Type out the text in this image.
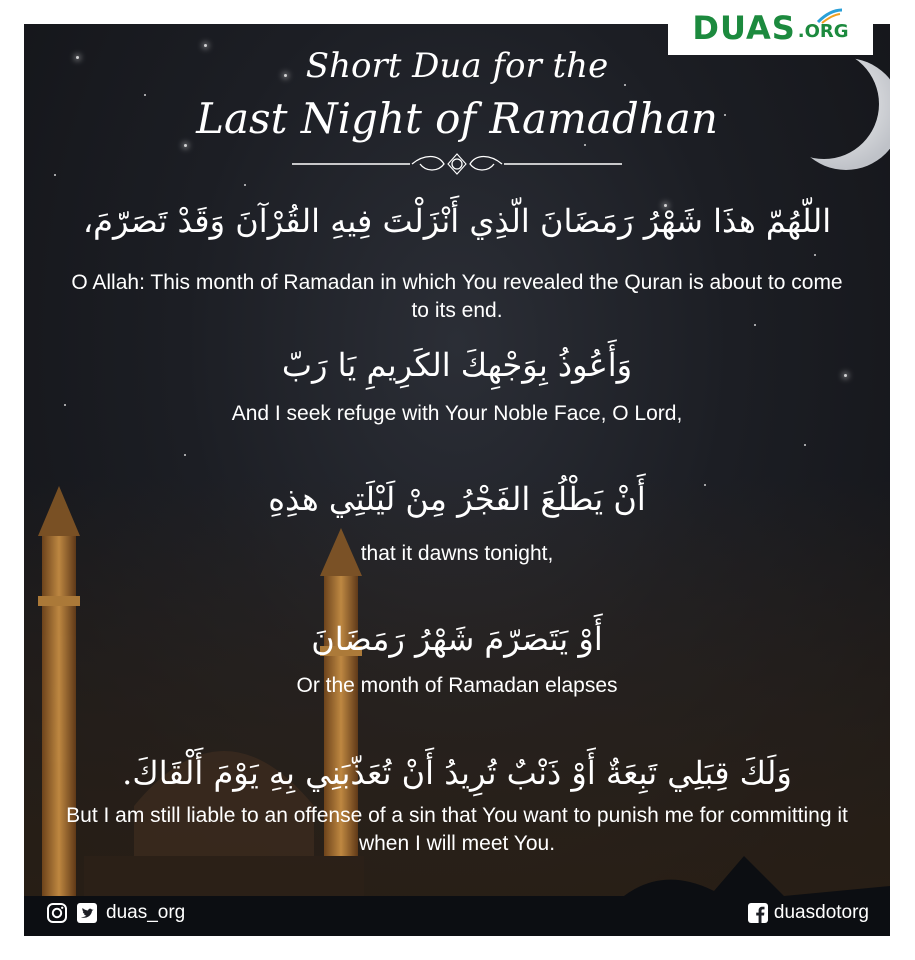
Short Dua for the
Last Night of Ramadhan
اللّهُمّ هذَا شَهْرُ رَمَضَانَ الّذِي أَنْزَلْتَ فِيهِ القُرْآنَ وَقَدْ تَصَرّمَ،
O Allah: This month of Ramadan in which You revealed the Quran is about to come to its end.
وَأَعُوذُ بِوَجْهِكَ الكَرِيمِ يَا رَبّ
And I seek refuge with Your Noble Face, O Lord,
أَنْ يَطْلُعَ الفَجْرُ مِنْ لَيْلَتِي هذِهِ
that it dawns tonight,
أَوْ يَتَصَرّمَ شَهْرُ رَمَضَانَ
Or the month of Ramadan elapses
وَلَكَ قِبَلِي تَبِعَةٌ أَوْ ذَنْبٌ تُرِيدُ أَنْ تُعَذّبَنِي بِهِ يَوْمَ أَلْقَاكَ.
But I am still liable to an offense of a sin that You want to punish me for committing it when I will meet You.
DUAS .ORG
duas_org	duasdotorg
